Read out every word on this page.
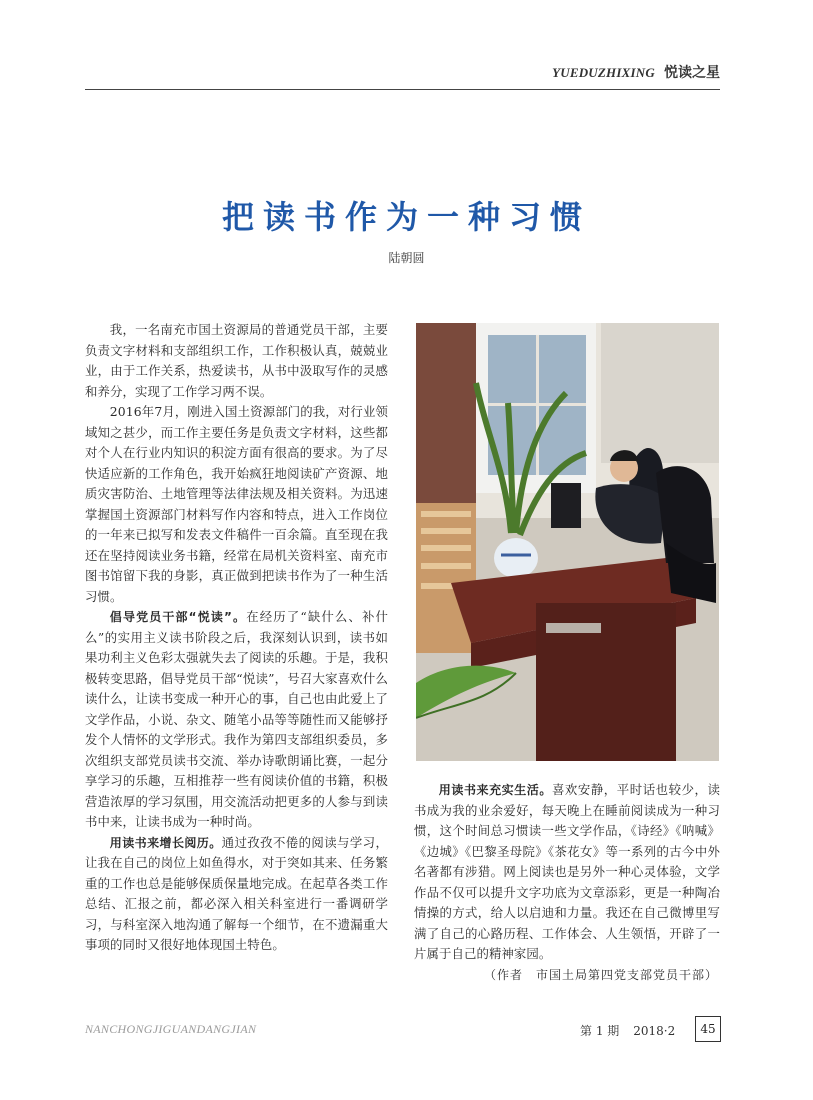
YUEDUZHIXING 悦读之星
把读书作为一种习惯
陆朝圆

我，一名南充市国土资源局的普通党员干部，主要负责文字材料和支部组织工作，工作积极认真，兢兢业业，由于工作关系，热爱读书，从书中汲取写作的灵感和养分，实现了工作学习两不误。

2016年7月，刚进入国土资源部门的我，对行业领域知之甚少，而工作主要任务是负责文字材料，这些都对个人在行业内知识的积淀方面有很高的要求。为了尽快适应新的工作角色，我开始疯狂地阅读矿产资源、地质灾害防治、土地管理等法律法规及相关资料。为迅速掌握国土资源部门材料写作内容和特点，进入工作岗位的一年来已拟写和发表文件稿件一百余篇。直至现在我还在坚持阅读业务书籍，经常在局机关资料室、南充市图书馆留下我的身影，真正做到把读书作为了一种生活习惯。

倡导党员干部“悦读”。在经历了“缺什么、补什么”的实用主义读书阶段之后，我深刻认识到，读书如果功利主义色彩太强就失去了阅读的乐趣。于是，我积极转变思路，倡导党员干部“悦读”，号召大家喜欢什么读什么，让读书变成一种开心的事，自己也由此爱上了文学作品，小说、杂文、随笔小品等等随性而又能够抒发个人情怀的文学形式。我作为第四支部组织委员，多次组织支部党员读书交流、举办诗歌朗诵比赛，一起分享学习的乐趣，互相推荐一些有阅读价值的书籍，积极营造浓厚的学习氛围，用交流活动把更多的人参与到读书中来，让读书成为一种时尚。

用读书来增长阅历。通过孜孜不倦的阅读与学习，让我在自己的岗位上如鱼得水，对于突如其来、任务繁重的工作也总是能够保质保量地完成。在起草各类工作总结、汇报之前，都必深入相关科室进行一番调研学习，与科室深入地沟通了解每一个细节，在不遗漏重大事项的同时又很好地体现国土特色。

用读书来充实生活。喜欢安静，平时话也较少，读书成为我的业余爱好，每天晚上在睡前阅读成为一种习惯，这个时间总习惯读一些文学作品，《诗经》《呐喊》《边城》《巴黎圣母院》《茶花女》等一系列的古今中外名著都有涉猎。网上阅读也是另外一种心灵体验，文学作品不仅可以提升文字功底为文章添彩，更是一种陶冶情操的方式，给人以启迪和力量。我还在自己微博里写满了自己的心路历程、工作体会、人生领悟，开辟了一片属于自己的精神家园。

（作者　市国土局第四党支部党员干部）
NANCHONGJIGUANDANGJIAN	第 1 期 2018·2	45
